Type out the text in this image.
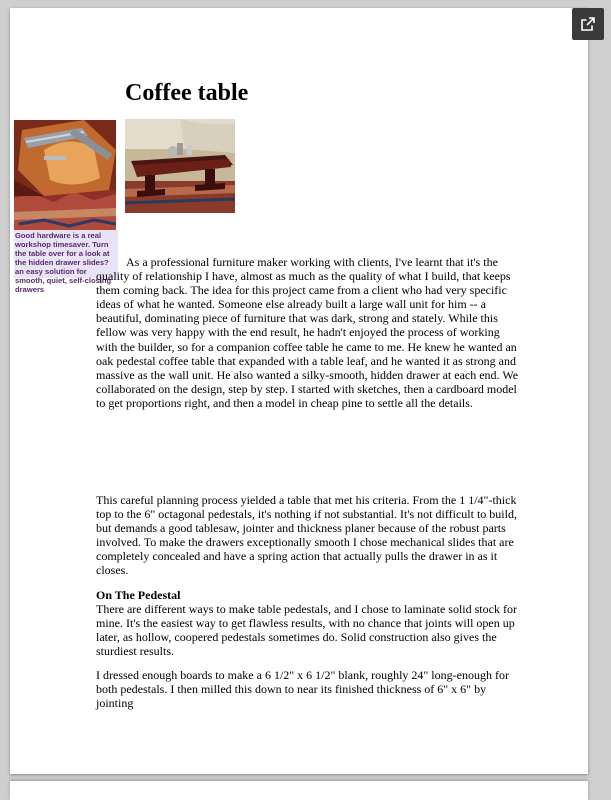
Coffee table
Good hardware is a real workshop timesaver. Turn the table over for a look at the hidden drawer slides?an easy solution for smooth, quiet, self-closing drawers

As a professional furniture maker working with clients, I've learnt that it's the quality of relationship I have, almost as much as the quality of what I build, that keeps them coming back. The idea for this project came from a client who had very specific ideas of what he wanted. Someone else already built a large wall unit for him -- a beautiful, dominating piece of furniture that was dark, strong and stately. While this fellow was very happy with the end result, he hadn't enjoyed the process of working with the builder, so for a companion coffee table he came to me. He knew he wanted an oak pedestal coffee table that expanded with a table leaf, and he wanted it as strong and massive as the wall unit. He also wanted a silky-smooth, hidden drawer at each end. We collaborated on the design, step by step. I started with sketches, then a cardboard model to get proportions right, and then a model in cheap pine to settle all the details.

This careful planning process yielded a table that met his criteria. From the 1 1/4"-thick top to the 6" octagonal pedestals, it's nothing if not substantial. It's not difficult to build, but demands a good tablesaw, jointer and thickness planer because of the robust parts involved. To make the drawers exceptionally smooth I chose mechanical slides that are completely concealed and have a spring action that actually pulls the drawer in as it closes.

On The Pedestal

There are different ways to make table pedestals, and I chose to laminate solid stock for mine. It's the easiest way to get flawless results, with no chance that joints will open up later, as hollow, coopered pedestals sometimes do. Solid construction also gives the sturdiest results.

I dressed enough boards to make a 6 1/2" x 6 1/2" blank, roughly 24" long-enough for both pedestals. I then milled this down to near its finished thickness of 6" x 6" by jointing
